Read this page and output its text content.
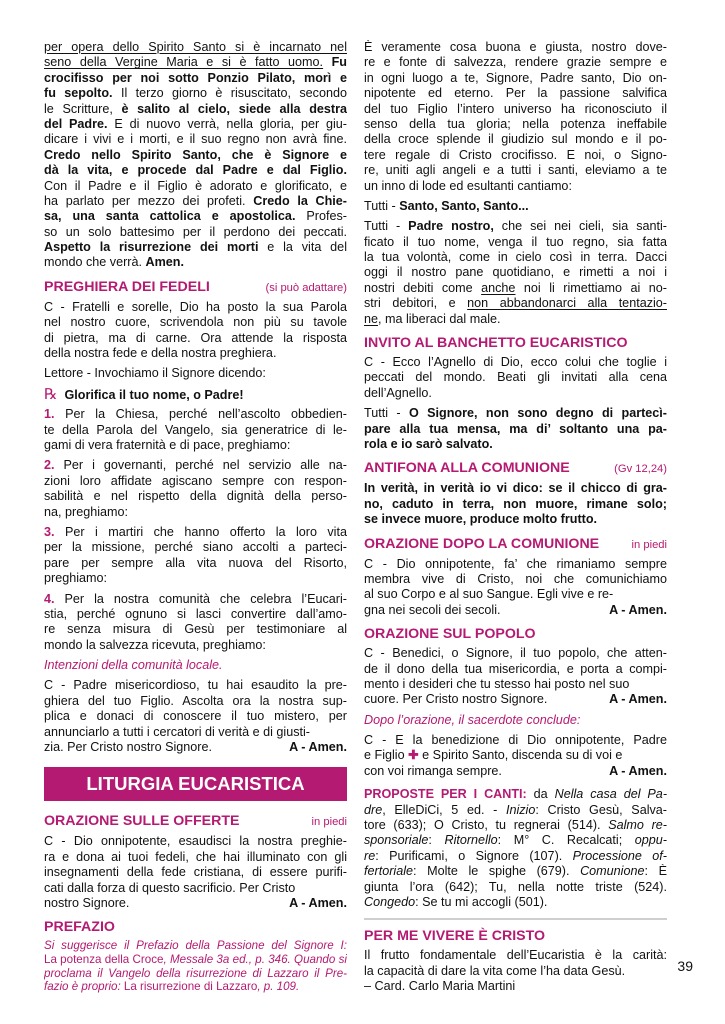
per opera dello Spirito Santo si è incarnato nel
seno della Vergine Maria e si è fatto uomo. Fu
crocifisso per noi sotto Ponzio Pilato, morì e
fu sepolto. Il terzo giorno è risuscitato, secondo
le Scritture, è salito al cielo, siede alla destra
del Padre. E di nuovo verrà, nella gloria, per giu-
dicare i vivi e i morti, e il suo regno non avrà fine.
Credo nello Spirito Santo, che è Signore e
dà la vita, e procede dal Padre e dal Figlio.
Con il Padre e il Figlio è adorato e glorificato, e
ha parlato per mezzo dei profeti. Credo la Chie-
sa, una santa cattolica e apostolica. Profes-
so un solo battesimo per il perdono dei peccati.
Aspetto la risurrezione dei morti e la vita del
mondo che verrà. Amen.
PREGHIERA DEI FEDELI	(si può adattare)
C - Fratelli e sorelle, Dio ha posto la sua Parola
nel nostro cuore, scrivendola non più su tavole
di pietra, ma di carne. Ora attende la risposta
della nostra fede e della nostra preghiera.
Lettore - Invochiamo il Signore dicendo:
℞ Glorifica il tuo nome, o Padre!
1. Per la Chiesa, perché nell’ascolto obbedien-
te della Parola del Vangelo, sia generatrice di le-
gami di vera fraternità e di pace, preghiamo:
2. Per i governanti, perché nel servizio alle na-
zioni loro affidate agiscano sempre con respon-
sabilità e nel rispetto della dignità della perso-
na, preghiamo:
3. Per i martiri che hanno offerto la loro vita
per la missione, perché siano accolti a parteci-
pare per sempre alla vita nuova del Risorto,
preghiamo:
4. Per la nostra comunità che celebra l’Eucari-
stia, perché ognuno si lasci convertire dall’amo-
re senza misura di Gesù per testimoniare al
mondo la salvezza ricevuta, preghiamo:
Intenzioni della comunità locale.
C - Padre misericordioso, tu hai esaudito la pre-
ghiera del tuo Figlio. Ascolta ora la nostra sup-
plica e donaci di conoscere il tuo mistero, per
annunciarlo a tutti i cercatori di verità e di giusti-
zia. Per Cristo nostro Signore.	A - Amen.
LITURGIA EUCARISTICA
ORAZIONE SULLE OFFERTE	in piedi
C - Dio onnipotente, esaudisci la nostra preghie-
ra e dona ai tuoi fedeli, che hai illuminato con gli
insegnamenti della fede cristiana, di essere purifi-
cati dalla forza di questo sacrificio. Per Cristo
nostro Signore.	A - Amen.
PREFAZIO
Si suggerisce il Prefazio della Passione del Signore I:
La potenza della Croce, Messale 3a ed., p. 346. Quando si
proclama il Vangelo della risurrezione di Lazzaro il Pre-
fazio è proprio: La risurrezione di Lazzaro, p. 109.
È veramente cosa buona e giusta, nostro dove-
re e fonte di salvezza, rendere grazie sempre e
in ogni luogo a te, Signore, Padre santo, Dio on-
nipotente ed eterno. Per la passione salvifica
del tuo Figlio l’intero universo ha riconosciuto il
senso della tua gloria; nella potenza ineffabile
della croce splende il giudizio sul mondo e il po-
tere regale di Cristo crocifisso. E noi, o Signo-
re, uniti agli angeli e a tutti i santi, eleviamo a te
un inno di lode ed esultanti cantiamo:
Tutti - Santo, Santo, Santo...
Tutti - Padre nostro, che sei nei cieli, sia santi-
ficato il tuo nome, venga il tuo regno, sia fatta
la tua volontà, come in cielo così in terra. Dacci
oggi il nostro pane quotidiano, e rimetti a noi i
nostri debiti come anche noi li rimettiamo ai no-
stri debitori, e non abbandonarci alla tentazio-
ne, ma liberaci dal male.
INVITO AL BANCHETTO EUCARISTICO
C - Ecco l’Agnello di Dio, ecco colui che toglie i
peccati del mondo. Beati gli invitati alla cena
dell’Agnello.
Tutti - O Signore, non sono degno di partecì-
pare alla tua mensa, ma di’ soltanto una pa-
rola e io sarò salvato.
ANTIFONA ALLA COMUNIONE	(Gv 12,24)
In verità, in verità io vi dico: se il chicco di gra-
no, caduto in terra, non muore, rimane solo;
se invece muore, produce molto frutto.
ORAZIONE DOPO LA COMUNIONE	in piedi
C - Dio onnipotente, fa’ che rimaniamo sempre
membra vive di Cristo, noi che comunichiamo
al suo Corpo e al suo Sangue. Egli vive e re-
gna nei secoli dei secoli.	A - Amen.
ORAZIONE SUL POPOLO
C - Benedici, o Signore, il tuo popolo, che atten-
de il dono della tua misericordia, e porta a compi-
mento i desideri che tu stesso hai posto nel suo
cuore. Per Cristo nostro Signore.	A - Amen.
Dopo l’orazione, il sacerdote conclude:
C - E la benedizione di Dio onnipotente, Padre
e Figlio ✚ e Spirito Santo, discenda su di voi e
con voi rimanga sempre.	A - Amen.
PROPOSTE PER I CANTI: da Nella casa del Pa-
dre, ElleDiCi, 5 ed. - Inizio: Cristo Gesù, Salva-
tore (633); O Cristo, tu regnerai (514). Salmo re-
sponsoriale: Ritornello: M° C. Recalcati; oppu-
re: Purificami, o Signore (107). Processione of-
fertoriale: Molte le spighe (679). Comunione: È
giunta l’ora (642); Tu, nella notte triste (524).
Congedo: Se tu mi accogli (501).
PER ME VIVERE È CRISTO
Il frutto fondamentale dell’Eucaristia è la carità:
la capacità di dare la vita come l’ha data Gesù.
– Card. Carlo Maria Martini
39
